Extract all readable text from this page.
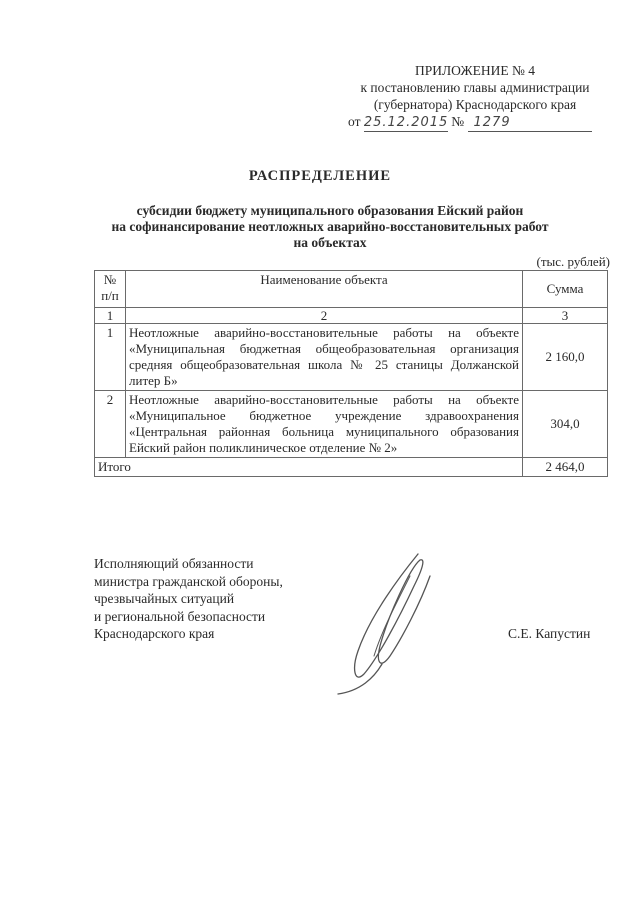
ПРИЛОЖЕНИЕ № 4
к постановлению главы администрации
(губернатора) Краснодарского края
от 25.12.2015 № 1279
РАСПРЕДЕЛЕНИЕ
субсидии бюджету муниципального образования Ейский район
на софинансирование неотложных аварийно-восстановительных работ
на объектах
(тыс. рублей)
№ п/п	Наименование объекта	Сумма
1	2	3
1	Неотложные аварийно-восстановительные работы на объекте «Муниципальная бюджетная общеобразовательная организация средняя общеобразовательная школа № 25 станицы Должанской литер Б»	2 160,0
2	Неотложные аварийно-восстановительные работы на объекте «Муниципальное бюджетное учреждение здравоохранения «Центральная районная больница муниципального образования Ейский район поликлиническое отделение № 2»	304,0
Итого		2 464,0
Исполняющий обязанности
министра гражданской обороны,
чрезвычайных ситуаций
и региональной безопасности
Краснодарского края	С.Е. Капустин
